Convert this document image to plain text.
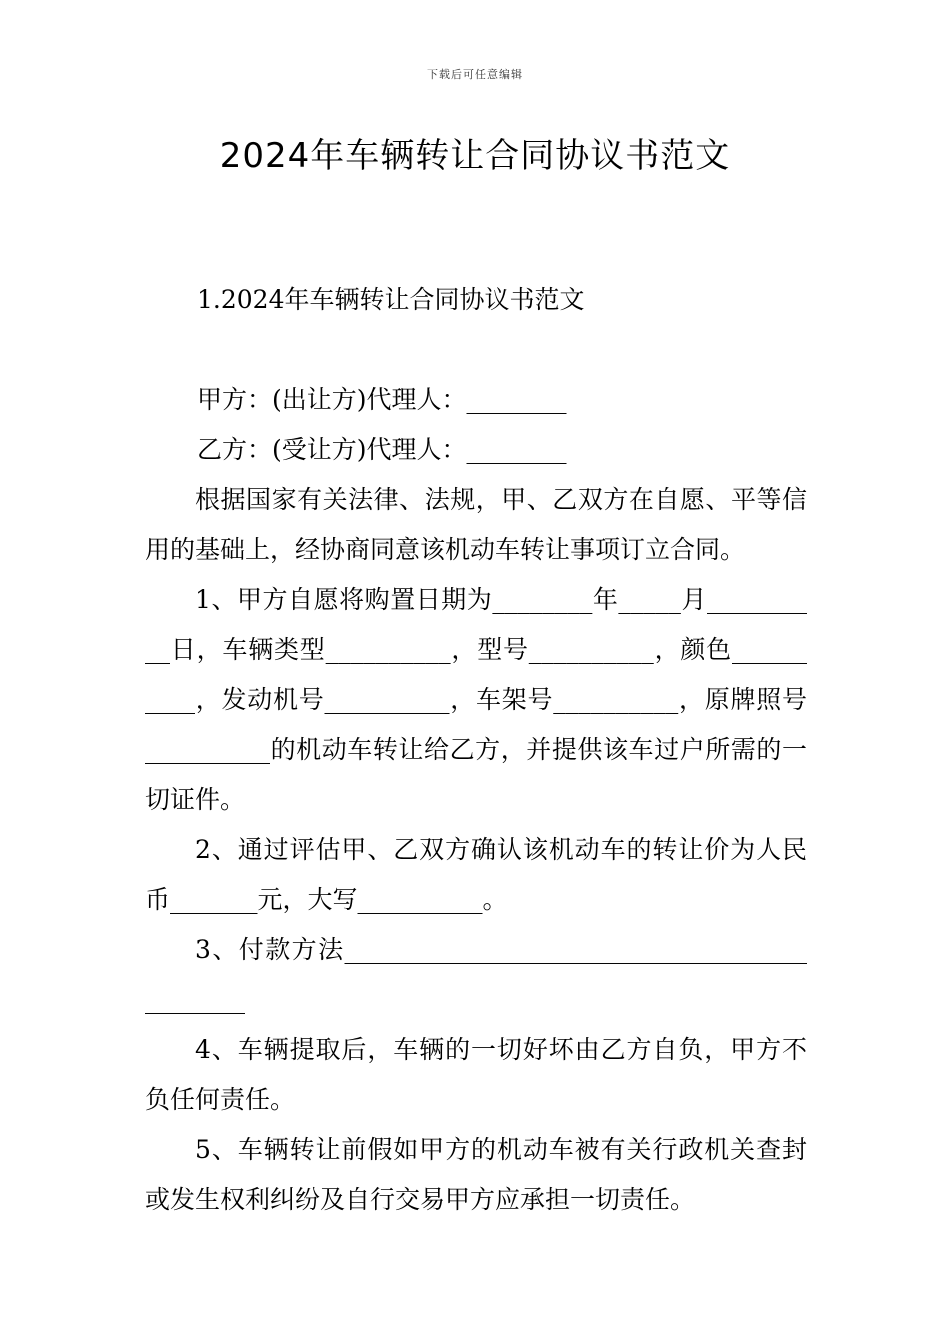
下载后可任意编辑
2024年车辆转让合同协议书范文
1.2024年车辆转让合同协议书范文
甲方：(出让方)代理人：________
乙方：(受让方)代理人：________
根据国家有关法律、法规，甲、乙双方在自愿、平等信用的基础上，经协商同意该机动车转让事项订立合同。
1、甲方自愿将购置日期为________年_____月__________日，车辆类型__________，型号__________，颜色__________，发动机号__________，车架号__________，原牌照号__________的机动车转让给乙方，并提供该车过户所需的一切证件。
2、通过评估甲、乙双方确认该机动车的转让价为人民币_______元，大写__________。
3、付款方法_____________________________________________
4、车辆提取后，车辆的一切好坏由乙方自负，甲方不负任何责任。
5、车辆转让前假如甲方的机动车被有关行政机关查封或发生权利纠纷及自行交易甲方应承担一切责任。
